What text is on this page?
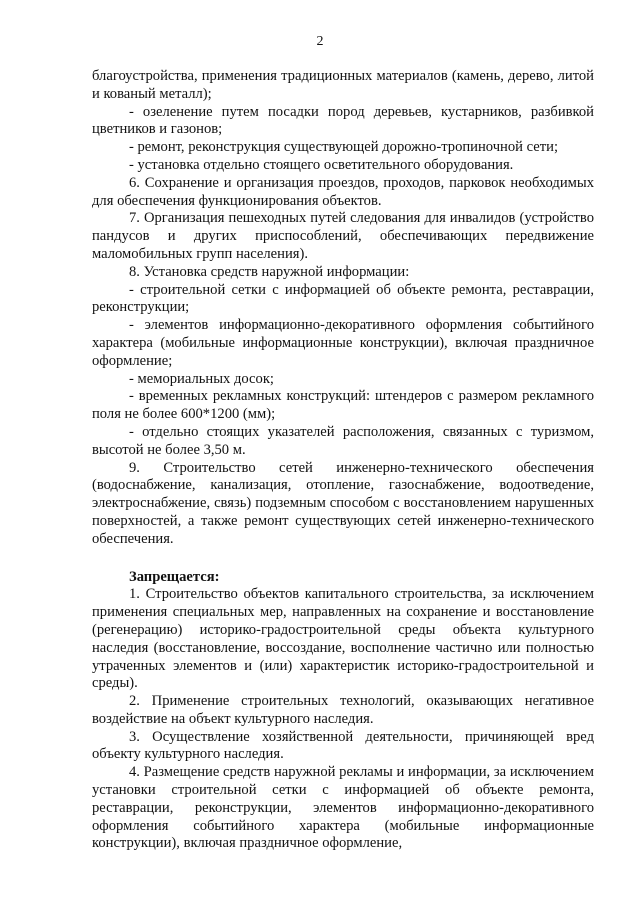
2

благоустройства, применения традиционных материалов (камень, дерево, литой и кованый металл);

- озеленение путем посадки пород деревьев, кустарников, разбивкой цветников и газонов;

- ремонт, реконструкция существующей дорожно-тропиночной сети;

- установка отдельно стоящего осветительного оборудования.

6. Сохранение и организация проездов, проходов, парковок необходимых для обеспечения функционирования объектов.

7. Организация пешеходных путей следования для инвалидов (устройство пандусов и других приспособлений, обеспечивающих передвижение маломобильных групп населения).

8. Установка средств наружной информации:

- строительной сетки с информацией об объекте ремонта, реставрации, реконструкции;

- элементов информационно-декоративного оформления событийного характера (мобильные информационные конструкции), включая праздничное оформление;

- мемориальных досок;

- временных рекламных конструкций: штендеров с размером рекламного поля не более 600*1200 (мм);

- отдельно стоящих указателей расположения, связанных с туризмом, высотой не более 3,50 м.

9. Строительство сетей инженерно-технического обеспечения (водоснабжение, канализация, отопление, газоснабжение, водоотведение, электроснабжение, связь) подземным способом с восстановлением нарушенных поверхностей, а также ремонт существующих сетей инженерно-технического обеспечения.

Запрещается:

1. Строительство объектов капитального строительства, за исключением применения специальных мер, направленных на сохранение и восстановление (регенерацию) историко-градостроительной среды объекта культурного наследия (восстановление, воссоздание, восполнение частично или полностью утраченных элементов и (или) характеристик историко-градостроительной и среды).

2. Применение строительных технологий, оказывающих негативное воздействие на объект культурного наследия.

3. Осуществление хозяйственной деятельности, причиняющей вред объекту культурного наследия.

4. Размещение средств наружной рекламы и информации, за исключением установки строительной сетки с информацией об объекте ремонта, реставрации, реконструкции, элементов информационно-декоративного оформления событийного характера (мобильные информационные конструкции), включая праздничное оформление,
